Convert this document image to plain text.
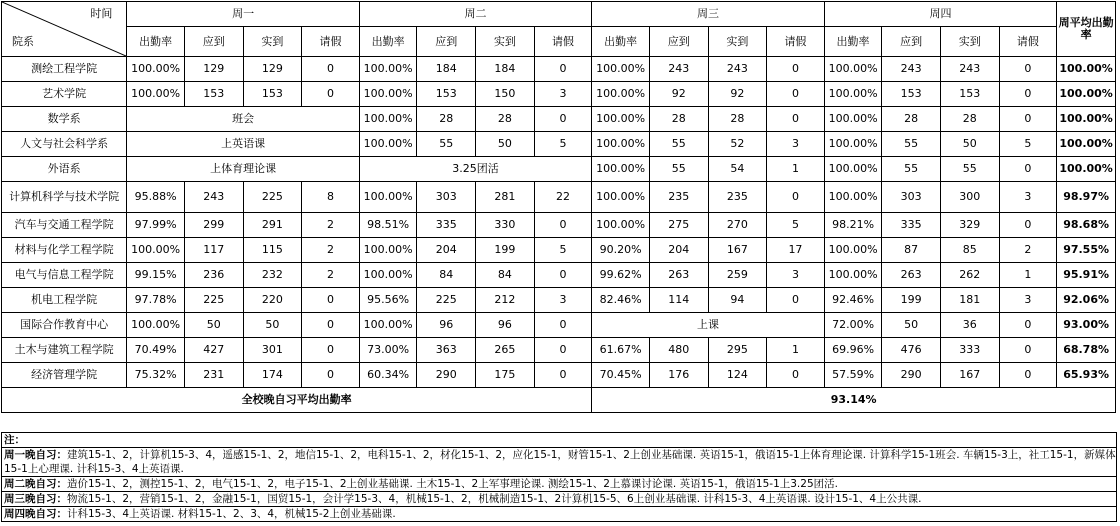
时间
院系	周一				周二				周三				周四				周平均出勤率
	出勤率	应到	实到	请假	出勤率	应到	实到	请假	出勤率	应到	实到	请假	出勤率	应到	实到	请假	
测绘工程学院	100.00%	129	129	0	100.00%	184	184	0	100.00%	243	243	0	100.00%	243	243	0	100.00%
艺术学院	100.00%	153	153	0	100.00%	153	150	3	100.00%	92	92	0	100.00%	153	153	0	100.00%
数学系	班会				100.00%	28	28	0	100.00%	28	28	0	100.00%	28	28	0	100.00%
人文与社会科学系	上英语课				100.00%	55	50	5	100.00%	55	52	3	100.00%	55	50	5	100.00%
外语系	上体育理论课				3.25团活				100.00%	55	54	1	100.00%	55	55	0	100.00%
计算机科学与技术学院	95.88%	243	225	8	100.00%	303	281	22	100.00%	235	235	0	100.00%	303	300	3	98.97%
汽车与交通工程学院	97.99%	299	291	2	98.51%	335	330	0	100.00%	275	270	5	98.21%	335	329	0	98.68%
材料与化学工程学院	100.00%	117	115	2	100.00%	204	199	5	90.20%	204	167	17	100.00%	87	85	2	97.55%
电气与信息工程学院	99.15%	236	232	2	100.00%	84	84	0	99.62%	263	259	3	100.00%	263	262	1	95.91%
机电工程学院	97.78%	225	220	0	95.56%	225	212	3	82.46%	114	94	0	92.46%	199	181	3	92.06%
国际合作教育中心	100.00%	50	50	0	100.00%	96	96	0	上课				72.00%	50	36	0	93.00%
土木与建筑工程学院	70.49%	427	301	0	73.00%	363	265	0	61.67%	480	295	1	69.96%	476	333	0	68.78%
经济管理学院	75.32%	231	174	0	60.34%	290	175	0	70.45%	176	124	0	57.59%	290	167	0	65.93%
全校晚自习平均出勤率									93.14%								
注：
周一晚自习：建筑15-1、2，计算机15-3、4，遥感15-1、2，地信15-1、2，电科15-1、2，材化15-1、2，应化15-1，财管15-1、2上创业基础课. 英语15-1，俄语15-1上体育理论课. 计算科学15-1班会. 车辆15-3上，社工15-1，新媒体15-1上心理课. 计科15-3、4上英语课.
周二晚自习：造价15-1、2，测控15-1、2，电气15-1、2，电子15-1、2上创业基础课. 土木15-1、2上军事理论课. 测绘15-1、2上慕课讨论课. 英语15-1，俄语15-1上3.25团活.
周三晚自习：物流15-1、2，营销15-1、2，金融15-1，国贸15-1，会计学15-3、4，机械15-1、2，机械制造15-1、2计算机15-5、6上创业基础课. 计科15-3、4上英语课. 设计15-1、4上公共课.
周四晚自习：计科15-3、4上英语课. 材料15-1、2、3、4，机械15-2上创业基础课.
